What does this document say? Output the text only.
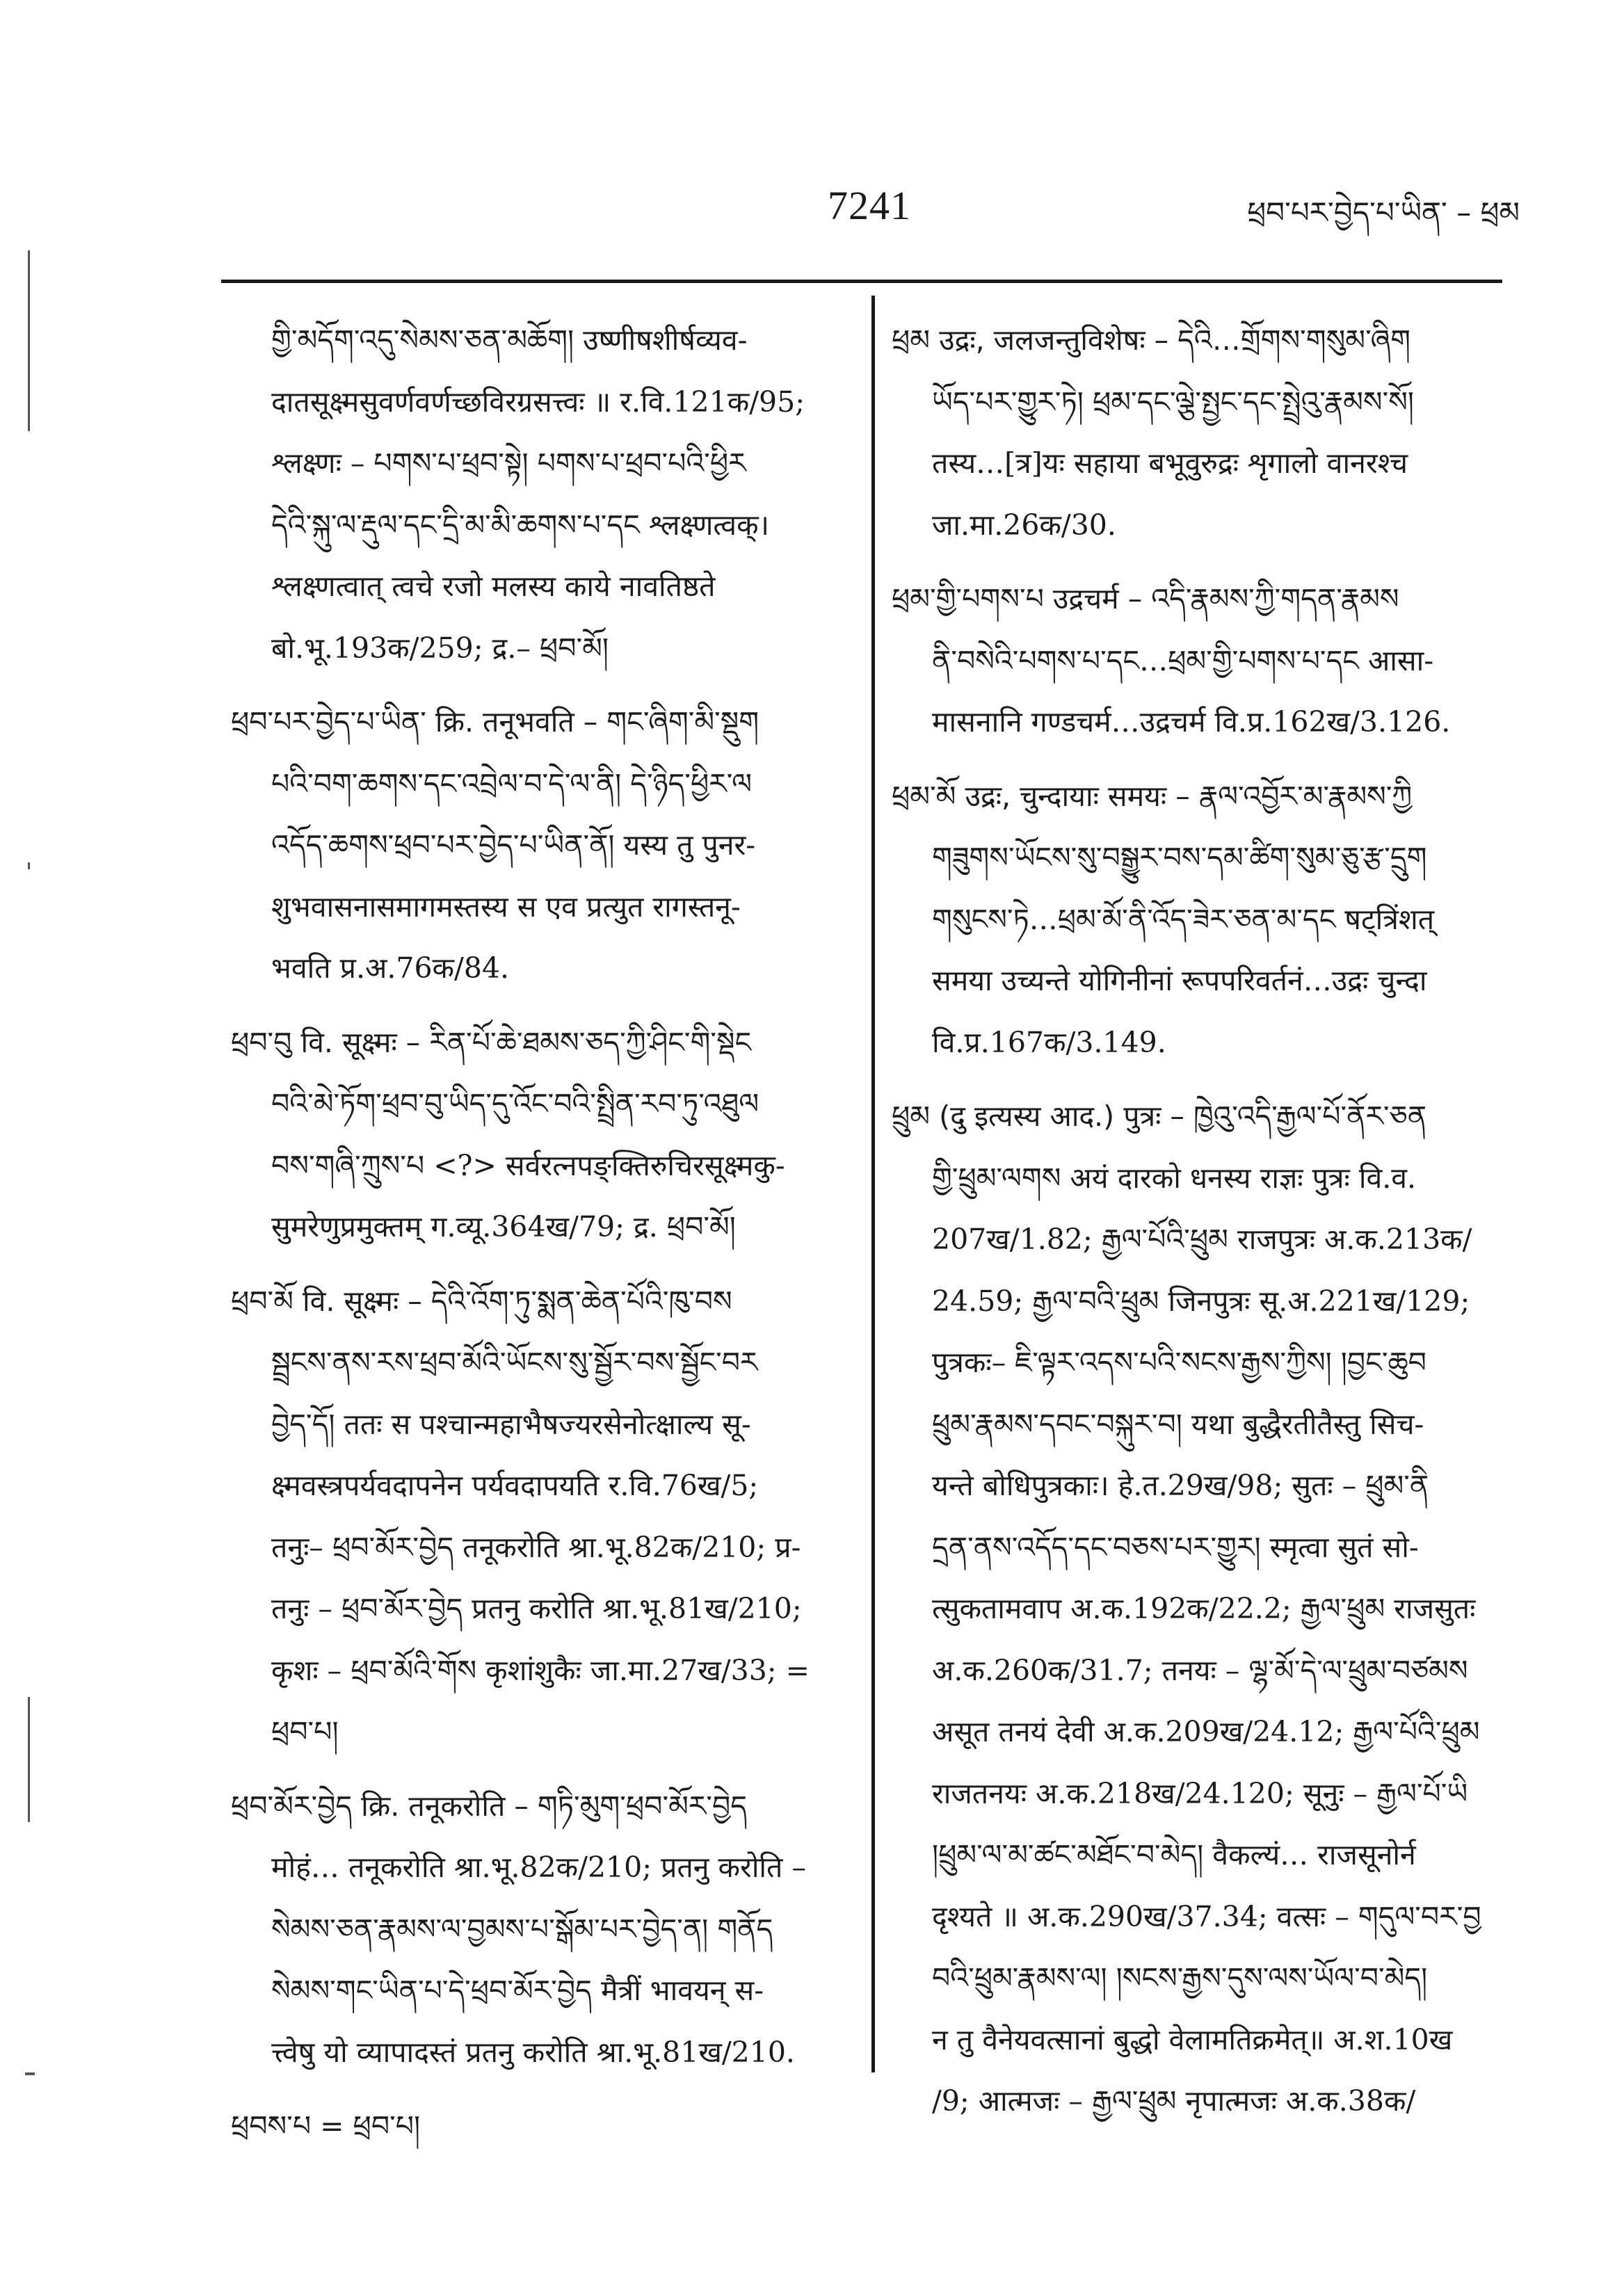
7241	ཕྲབ་པར་བྱེད་པ་ཡིན་ – ཕྲམ
གྱི་མདོག་འདུ་སེམས་ཅན་མཆོག། उष्णीषशीर्षव्यव-
दातसूक्ष्मसुवर्णवर्णच्छविरग्रसत्त्वः ॥ र.वि.121क/95;
श्लक्ष्णः – པགས་པ་ཕྲབ་སྟེ། པགས་པ་ཕྲབ་པའི་ཕྱིར
དེའི་སྐུ་ལ་རྡུལ་དང་དྲི་མ་མི་ཆགས་པ་དང श्लक्ष्णत्वक्।
श्लक्ष्णत्वात् त्वचे रजो मलस्य काये नावतिष्ठते
बो.भू.193क/259; द्र.– ཕྲབ་མོ།
ཕྲབ་པར་བྱེད་པ་ཡིན་ क्रि. तनूभवति – གང་ཞིག་མི་སྡུག
པའི་བག་ཆགས་དང་འབྲེལ་བ་དེ་ལ་ནི། དེ་ཉིད་ཕྱིར་ལ
འདོད་ཆགས་ཕྲབ་པར་བྱེད་པ་ཡིན་ནོ། यस्य तु पुनर-
शुभवासनासमागमस्तस्य स एव प्रत्युत रागस्तनू-
भवति प्र.अ.76क/84.
ཕྲབ་བུ वि. सूक्ष्मः – རིན་པོ་ཆེ་ཐམས་ཅད་ཀྱི་ཤིང་གི་སྡེང
བའི་མེ་ཏོག་ཕྲབ་བུ་ཡིད་དུ་འོང་བའི་སྤྲིན་རབ་ཏུ་འཐུལ
བས་གཞི་ཀྲུས་པ <?> सर्वरत्नपङ्क्तिरुचिरसूक्ष्मकु-
सुमरेणुप्रमुक्तम् ग.व्यू.364ख/79; द्र. ཕྲབ་མོ།
ཕྲབ་མོ वि. सूक्ष्मः – དེའི་འོག་ཏུ་སྨན་ཆེན་པོའི་ཁུ་བས
སྦྲངས་ནས་རས་ཕྲབ་མོའི་ཡོངས་སུ་སྦྱོར་བས་སྦྱོང་བར
བྱེད་དོ། ततः स पश्चान्महाभैषज्यरसेनोत्क्षाल्य सू-
क्ष्मवस्त्रपर्यवदापनेन पर्यवदापयति र.वि.76ख/5;
तनुः– ཕྲབ་མོར་བྱེད तनूकरोति श्रा.भू.82क/210; प्र-
तनुः – ཕྲབ་མོར་བྱེད प्रतनु करोति श्रा.भू.81ख/210;
कृशः – ཕྲབ་མོའི་གོས कृशांशुकैः जा.मा.27ख/33; =
ཕྲབ་པ།
ཕྲབ་མོར་བྱེད क्रि. तनूकरोति – གཏི་མུག་ཕྲབ་མོར་བྱེད
मोहं… तनूकरोति श्रा.भू.82क/210; प्रतनु करोति –
སེམས་ཅན་རྣམས་ལ་བྱམས་པ་སྒོམ་པར་བྱེད་ན། གནོད
སེམས་གང་ཡིན་པ་དེ་ཕྲབ་མོར་བྱེད मैत्रीं भावयन् स-
त्त्वेषु यो व्यापादस्तं प्रतनु करोति श्रा.भू.81ख/210.
ཕྲབས་པ = ཕྲབ་པ།
ཕྲམ उद्रः, जलजन्तुविशेषः – དེའི…གྲོགས་གསུམ་ཞིག
ཡོད་པར་གྱུར་ཏེ། ཕྲམ་དང་ལྕེ་སྤྱང་དང་སྤྲེའུ་རྣམས་སོ།
तस्य…[त्र]यः सहाया बभूवुरुद्रः शृगालो वानरश्च
जा.मा.26क/30.
ཕྲམ་གྱི་པགས་པ उद्रचर्म – འདི་རྣམས་ཀྱི་གདན་རྣམས
ནི་བསེའི་པགས་པ་དང…ཕྲམ་གྱི་པགས་པ་དང आसा-
मासनानि गण्डचर्म…उद्रचर्म वि.प्र.162ख/3.126.
ཕྲམ་མོ उद्रः, चुन्दायाः समयः – རྣལ་འབྱོར་མ་རྣམས་ཀྱི
གཟུགས་ཡོངས་སུ་བསྒྱུར་བས་དམ་ཚིག་སུམ་ཅུ་རྩ་དྲུག
གསུངས་ཏེ…ཕྲམ་མོ་ནི་འོད་ཟེར་ཅན་མ་དང षट्त्रिंशत्
समया उच्यन्ते योगिनीनां रूपपरिवर्तनं…उद्रः चुन्दा
वि.प्र.167क/3.149.
ཕྲུམ (दु इत्यस्य आद.) पुत्रः – ཁྱེའུ་འདི་རྒྱལ་པོ་ནོར་ཅན
གྱི་ཕྲུམ་ལགས अयं दारको धनस्य राज्ञः पुत्रः वि.व.
207ख/1.82; རྒྱལ་པོའི་ཕྲུམ राजपुत्रः अ.क.213क/
24.59; རྒྱལ་བའི་ཕྲུམ जिनपुत्रः सू.अ.221ख/129;
पुत्रकः– ཇི་ལྟར་འདས་པའི་སངས་རྒྱས་ཀྱིས། །བྱང་ཆུབ
ཕྲུམ་རྣམས་དབང་བསྐུར་བ། यथा बुद्धैरतीतैस्तु सिच-
यन्ते बोधिपुत्रकाः। हे.त.29ख/98; सुतः – ཕྲུམ་ནི
དྲན་ནས་འདོད་དང་བཅས་པར་གྱུར། स्मृत्वा सुतं सो-
त्सुकतामवाप अ.क.192क/22.2; རྒྱལ་ཕྲུམ राजसुतः
अ.क.260क/31.7; तनयः – ལྷ་མོ་དེ་ལ་ཕྲུམ་བཙམས
असूत तनयं देवी अ.क.209ख/24.12; རྒྱལ་པོའི་ཕྲུམ
राजतनयः अ.क.218ख/24.120; सूनुः – རྒྱལ་པོ་ཡི
།ཕྲུམ་ལ་མ་ཚང་མཐོང་བ་མེད། वैकल्यं… राजसूनोर्न
दृश्यते ॥ अ.क.290ख/37.34; वत्सः – གདུལ་བར་བྱ
བའི་ཕྲུམ་རྣམས་ལ། །སངས་རྒྱས་དུས་ལས་ཡོལ་བ་མེད།
न तु वैनेयवत्सानां बुद्धो वेलामतिक्रमेत्॥ अ.श.10ख
/9; आत्मजः – རྒྱལ་ཕྲུམ नृपात्मजः अ.क.38क/
